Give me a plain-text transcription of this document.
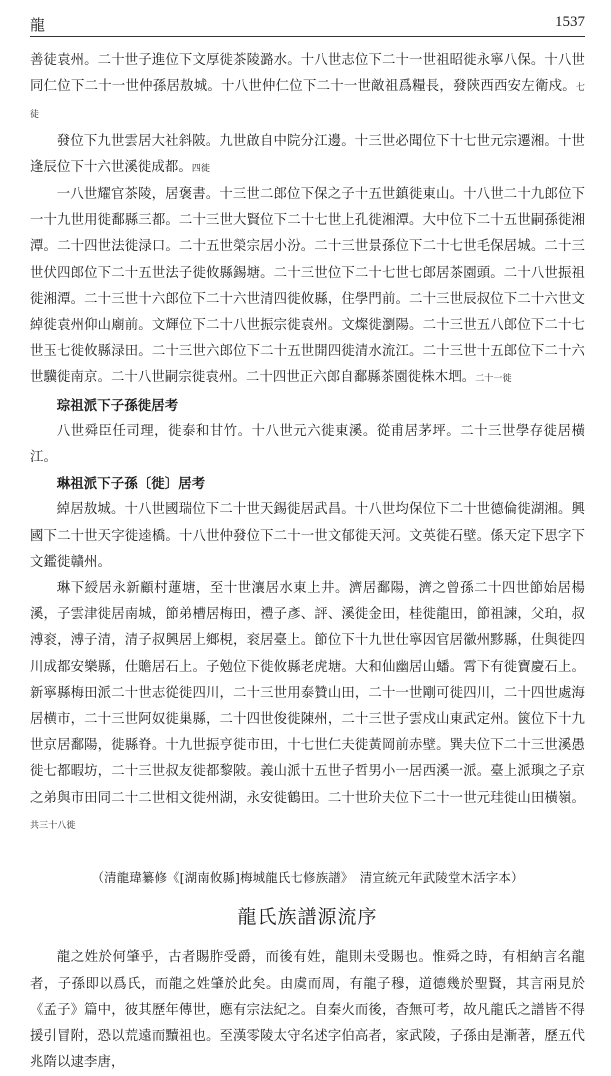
龍	1537

善徒袁州。二十世子進位下文厚徙茶陵潞水。十八世志位下二十一世祖昭徙永寧八保。十八世同仁位下二十一世仲孫居敖城。十八世仲仁位下二十一世敵祖爲糧長，發陝西西安左衛戍。七徒

發位下九世雲居大社斜陂。九世啟自中院分江邊。十三世必聞位下十七世元宗遷湘。十世逢辰位下十六世溪徙成都。四徙

一八世耀官茶陵，居褒書。十三世二郎位下保之子十五世鎮徙東山。十八世二十九郎位下一十九世用徙鄱縣三都。二十三世大賢位下二十七世上孔徙湘潭。大中位下二十五世嗣孫徙湘潭。二十四世法徙渌口。二十五世榮宗居小汾。二十三世景孫位下二十七世毛保居城。二十三世伏四郎位下二十五世法子徙攸縣錫塘。二十三世位下二十七世七郎居茶園頭。二十八世振祖徙湘潭。二十三世十六郎位下二十六世清四徙攸縣，住學門前。二十三世辰叔位下二十六世文綽徙袁州仰山廟前。文輝位下二十八世振宗徙袁州。文燦徙瀏陽。二十三世五八郎位下二十七世玉七徙攸縣渌田。二十三世六郎位下二十五世開四徙清水流江。二十三世十五郎位下二十六世驥徙南京。二十八世嗣宗徙袁州。二十四世正六郎自鄱縣茶園徙株木垇。二十一徙

琮祖派下子孫徙居考

八世舜臣任司理，徙泰和甘竹。十八世元六徙東溪。從甫居茅坪。二十三世學存徙居橫江。

琳祖派下子孫〔徙〕居考

綽居敖城。十八世國瑞位下二十世天錫徙居武昌。十八世均保位下二十世德倫徙湖湘。興國下二十世天字徙逵橋。十八世仲發位下二十一世文郁徙天河。文英徙石壁。係天定下思字下文鑑徙贛州。

琳下綬居永新顧村蓮塘，至十世瀼居水東上井。濟居鄱陽，濟之曾孫二十四世節始居楊溪，子雲津徙居南城，節弟槽居梅田，禮子彥、評、溪徙金田，桂徙龍田，節祖諫，父珀，叔溥衮，溥子清，清子叔興居上鄉梘，衮居臺上。節位下十九世仕寧因官居徽州黟縣，仕與徙四川成都安樂縣，仕贍居石上。子勉位下徙攸縣老虎塘。大和仙幽居山蟠。霄下有徙寶慶石上。新寧縣梅田派二十世志從徙四川，二十三世用泰贊山田，二十一世剛可徙四川，二十四世處海居横市，二十三世阿奴徙巢縣，二十四世俊徙陳州，二十三世子雲戍山東武定州。篋位下十九世京居鄱陽，徙縣脊。十九世振亨徙市田，十七世仁夫徙黃岡前赤壁。巽夫位下二十三世溪愚徙七都暇坊，二十三世叔友徙都黎陂。義山派十五世子哲男小一居西溪一派。臺上派璵之子京之弟與市田同二十二世相文徙州湖，永安徙鶴田。二十世玠夫位下二十一世元珪徙山田橫嶺。共三十八徙

（清龍瑋纂修《[湖南攸縣]梅城龍氏七修族譜》　清宣統元年武陵堂木活字本）

龍氏族譜源流序

龍之姓於何肇乎，古者賜胙受爵，而後有姓，龍則未受賜也。惟舜之時，有相納言名龍者，子孫即以爲氏，而龍之姓肇於此矣。由虞而周，有龍子穆，道德幾於聖賢，其言兩見於《孟子》篇中，彼其歷年傳世，應有宗法紀之。自秦火而後，杳無可考，故凡龍氏之譜皆不得援引冒附，恐以荒遠而黷祖也。至漢零陵太守名述字伯高者，家武陵，子孫由是漸著，歷五代兆隋以逮李唐，
